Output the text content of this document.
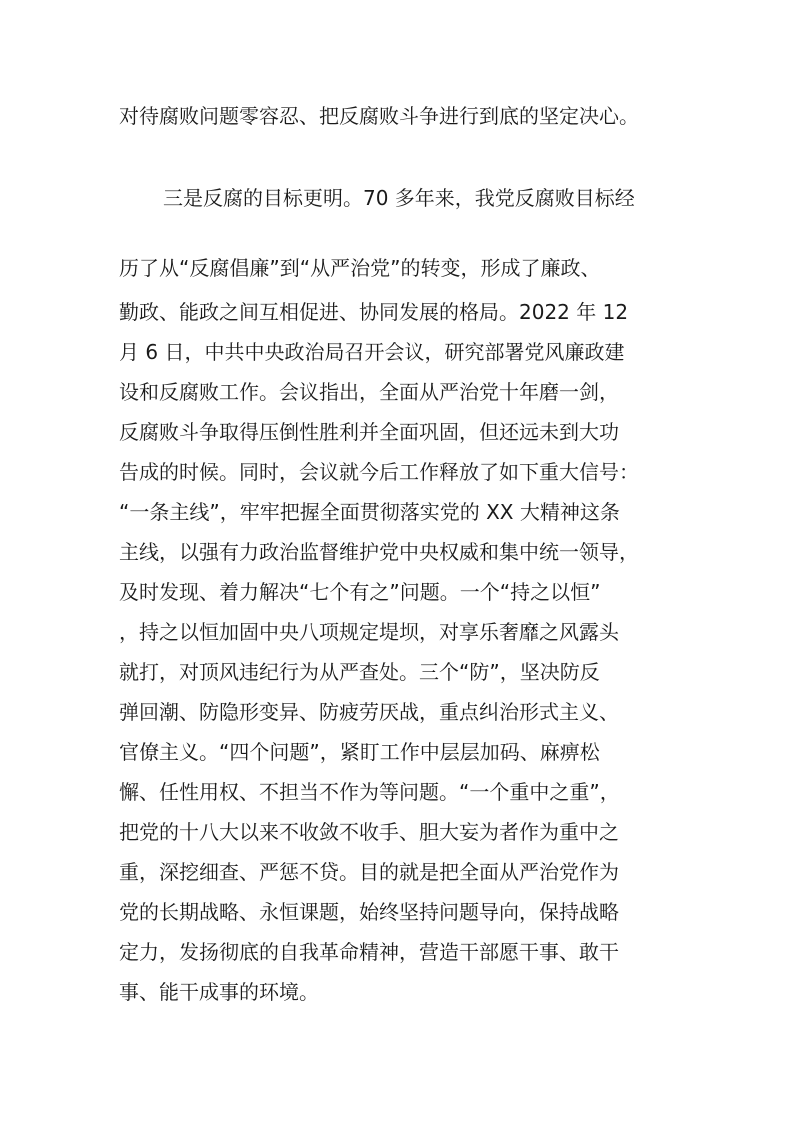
对待腐败问题零容忍、把反腐败斗争进行到底的坚定决心。

三是反腐的目标更明。70 多年来，我党反腐败目标经

历了从“反腐倡廉”到“从严治党”的转变，形成了廉政、

勤政、能政之间互相促进、协同发展的格局。2022 年 12

月 6 日，中共中央政治局召开会议，研究部署党风廉政建

设和反腐败工作。会议指出，全面从严治党十年磨一剑，

反腐败斗争取得压倒性胜利并全面巩固，但还远未到大功

告成的时候。同时，会议就今后工作释放了如下重大信号：

“一条主线”，牢牢把握全面贯彻落实党的 XX 大精神这条

主线，以强有力政治监督维护党中央权威和集中统一领导，

及时发现、着力解决“七个有之”问题。一个“持之以恒”

，持之以恒加固中央八项规定堤坝，对享乐奢靡之风露头

就打，对顶风违纪行为从严查处。三个“防”，坚决防反

弹回潮、防隐形变异、防疲劳厌战，重点纠治形式主义、

官僚主义。“四个问题”，紧盯工作中层层加码、麻痹松

懈、任性用权、不担当不作为等问题。“一个重中之重”，

把党的十八大以来不收敛不收手、胆大妄为者作为重中之

重，深挖细查、严惩不贷。目的就是把全面从严治党作为

党的长期战略、永恒课题，始终坚持问题导向，保持战略

定力，发扬彻底的自我革命精神，营造干部愿干事、敢干

事、能干成事的环境。
